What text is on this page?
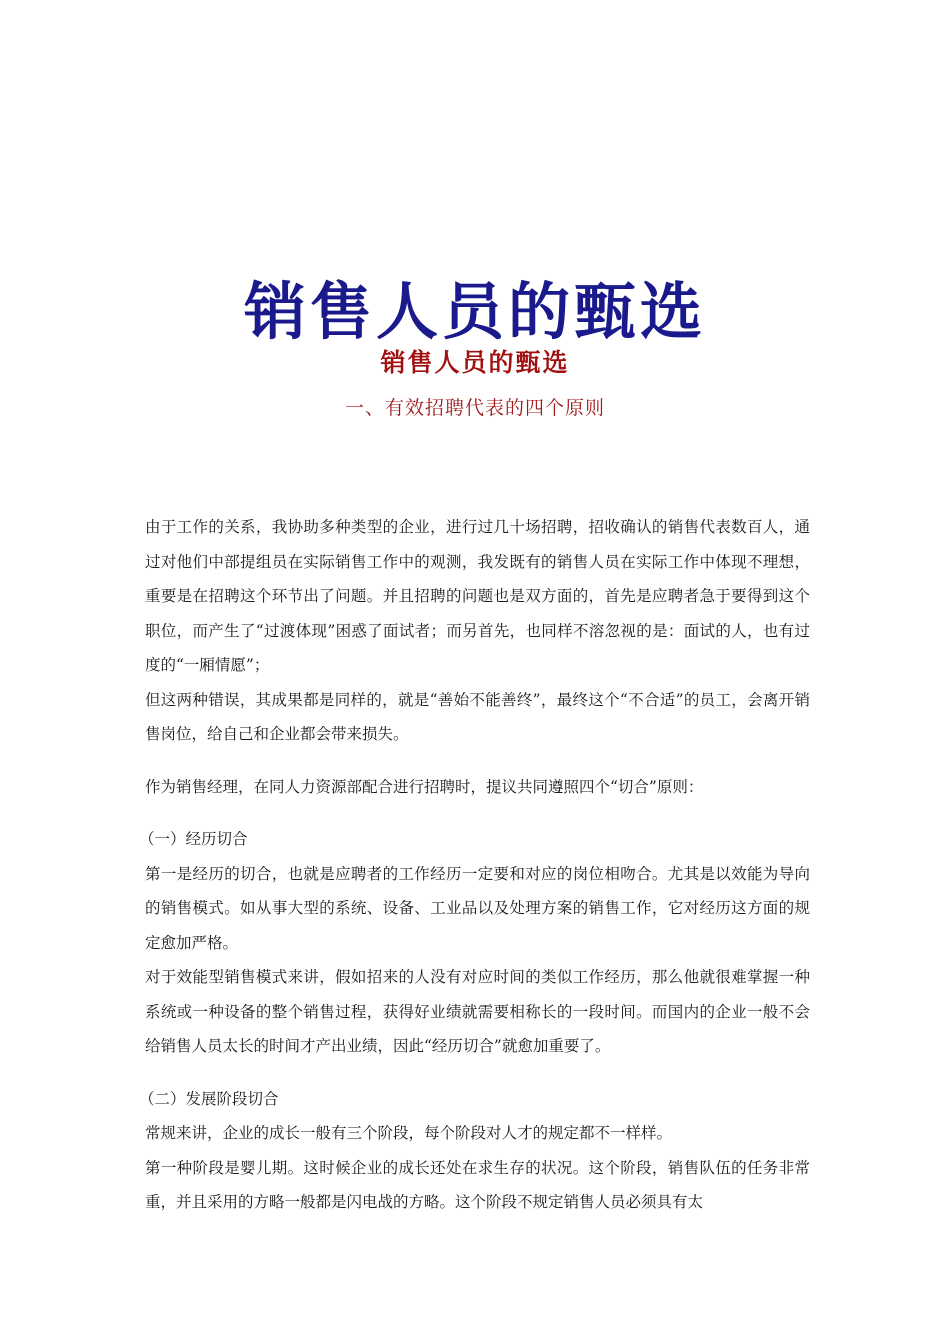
销售人员的甄选
销售人员的甄选
一、有效招聘代表的四个原则

由于工作的关系，我协助多种类型的企业，进行过几十场招聘，招收确认的销售代表数百人，通过对他们中部提组员在实际销售工作中的观测，我发既有的销售人员在实际工作中体现不理想，重要是在招聘这个环节出了问题。并且招聘的问题也是双方面的，首先是应聘者急于要得到这个职位，而产生了“过渡体现”困惑了面试者；而另首先，也同样不溶忽视的是：面试的人，也有过度的“一厢情愿”；

但这两种错误，其成果都是同样的，就是“善始不能善终”，最终这个“不合适”的员工，会离开销售岗位，给自己和企业都会带来损失。

作为销售经理，在同人力资源部配合进行招聘时，提议共同遵照四个“切合”原则：

（一）经历切合

第一是经历的切合，也就是应聘者的工作经历一定要和对应的岗位相吻合。尤其是以效能为导向的销售模式。如从事大型的系统、设备、工业品以及处理方案的销售工作，它对经历这方面的规定愈加严格。

对于效能型销售模式来讲，假如招来的人没有对应时间的类似工作经历，那么他就很难掌握一种系统或一种设备的整个销售过程，获得好业绩就需要相称长的一段时间。而国内的企业一般不会给销售人员太长的时间才产出业绩，因此“经历切合”就愈加重要了。

（二）发展阶段切合

常规来讲，企业的成长一般有三个阶段，每个阶段对人才的规定都不一样样。

第一种阶段是婴儿期。这时候企业的成长还处在求生存的状况。这个阶段，销售队伍的任务非常重，并且采用的方略一般都是闪电战的方略。这个阶段不规定销售人员必须具有太
